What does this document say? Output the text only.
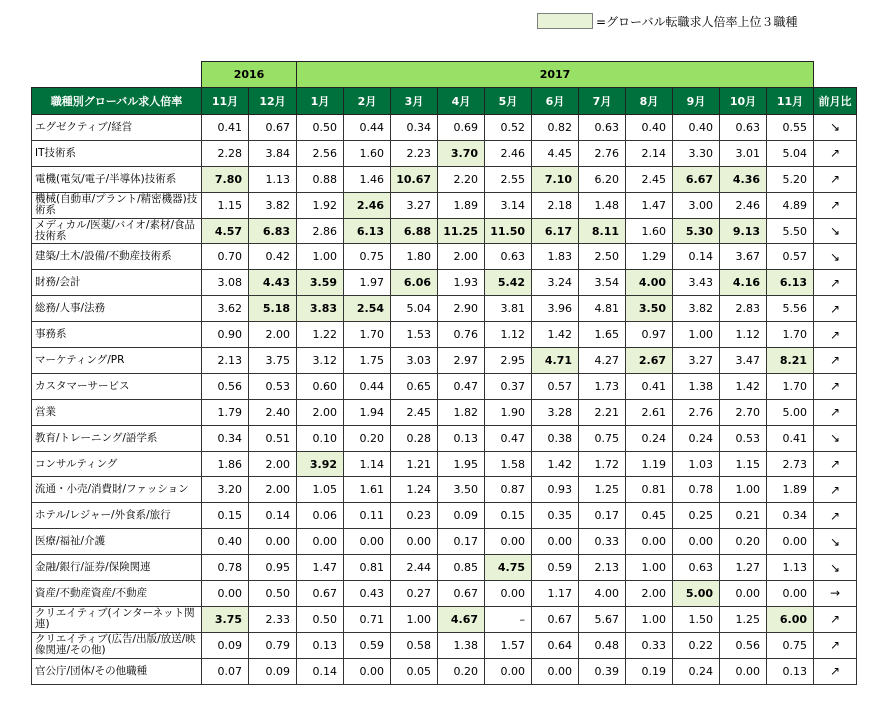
=グローバル転職求人倍率上位３職種
	2016		2017											
職種別グローバル求人倍率	11月	12月	1月	2月	3月	4月	5月	6月	7月	8月	9月	10月	11月	前月比
エグゼクティブ/経営	0.41	0.67	0.50	0.44	0.34	0.69	0.52	0.82	0.63	0.40	0.40	0.63	0.55	↘
IT技術系	2.28	3.84	2.56	1.60	2.23	3.70	2.46	4.45	2.76	2.14	3.30	3.01	5.04	↗
電機(電気/電子/半導体)技術系	7.80	1.13	0.88	1.46	10.67	2.20	2.55	7.10	6.20	2.45	6.67	4.36	5.20	↗
機械(自動車/プラント/精密機器)技術系	1.15	3.82	1.92	2.46	3.27	1.89	3.14	2.18	1.48	1.47	3.00	2.46	4.89	↗
メディカル/医薬/バイオ/素材/食品技術系	4.57	6.83	2.86	6.13	6.88	11.25	11.50	6.17	8.11	1.60	5.30	9.13	5.50	↘
建築/土木/設備/不動産技術系	0.70	0.42	1.00	0.75	1.80	2.00	0.63	1.83	2.50	1.29	0.14	3.67	0.57	↘
財務/会計	3.08	4.43	3.59	1.97	6.06	1.93	5.42	3.24	3.54	4.00	3.43	4.16	6.13	↗
総務/人事/法務	3.62	5.18	3.83	2.54	5.04	2.90	3.81	3.96	4.81	3.50	3.82	2.83	5.56	↗
事務系	0.90	2.00	1.22	1.70	1.53	0.76	1.12	1.42	1.65	0.97	1.00	1.12	1.70	↗
マーケティング/PR	2.13	3.75	3.12	1.75	3.03	2.97	2.95	4.71	4.27	2.67	3.27	3.47	8.21	↗
カスタマーサービス	0.56	0.53	0.60	0.44	0.65	0.47	0.37	0.57	1.73	0.41	1.38	1.42	1.70	↗
営業	1.79	2.40	2.00	1.94	2.45	1.82	1.90	3.28	2.21	2.61	2.76	2.70	5.00	↗
教育/トレーニング/語学系	0.34	0.51	0.10	0.20	0.28	0.13	0.47	0.38	0.75	0.24	0.24	0.53	0.41	↘
コンサルティング	1.86	2.00	3.92	1.14	1.21	1.95	1.58	1.42	1.72	1.19	1.03	1.15	2.73	↗
流通・小売/消費財/ファッション	3.20	2.00	1.05	1.61	1.24	3.50	0.87	0.93	1.25	0.81	0.78	1.00	1.89	↗
ホテル/レジャー/外食系/旅行	0.15	0.14	0.06	0.11	0.23	0.09	0.15	0.35	0.17	0.45	0.25	0.21	0.34	↗
医療/福祉/介護	0.40	0.00	0.00	0.00	0.00	0.17	0.00	0.00	0.33	0.00	0.00	0.20	0.00	↘
金融/銀行/証券/保険関連	0.78	0.95	1.47	0.81	2.44	0.85	4.75	0.59	2.13	1.00	0.63	1.27	1.13	↘
資産/不動産資産/不動産	0.00	0.50	0.67	0.43	0.27	0.67	0.00	1.17	4.00	2.00	5.00	0.00	0.00	→
クリエイティブ(インターネット関連)	3.75	2.33	0.50	0.71	1.00	4.67	–	0.67	5.67	1.00	1.50	1.25	6.00	↗
クリエイティブ(広告/出版/放送/映像関連/その他)	0.09	0.79	0.13	0.59	0.58	1.38	1.57	0.64	0.48	0.33	0.22	0.56	0.75	↗
官公庁/団体/その他職種	0.07	0.09	0.14	0.00	0.05	0.20	0.00	0.00	0.39	0.19	0.24	0.00	0.13	↗
